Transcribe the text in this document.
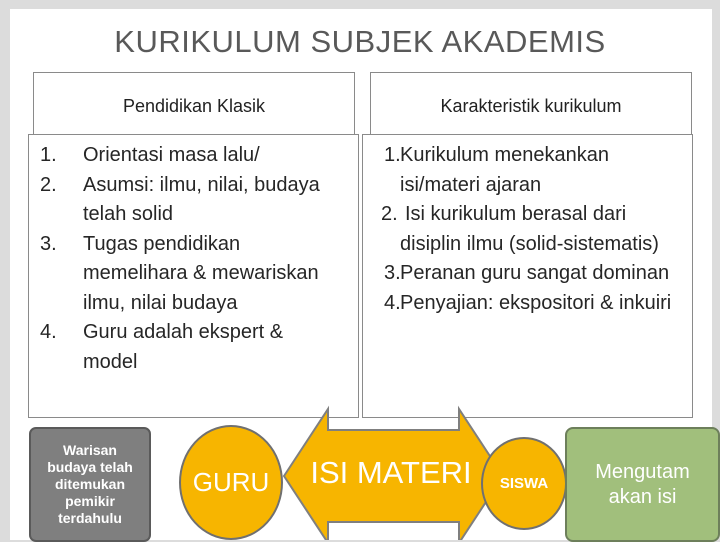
KURIKULUM SUBJEK AKADEMIS
Pendidikan Klasik	Karakteristik kurikulum
1. Orientasi masa lalu/
2. Asumsi: ilmu, nilai, budaya telah solid
3. Tugas pendidikan memelihara & mewariskan ilmu, nilai budaya
4. Guru adalah ekspert & model
1. Kurikulum menekankan isi/materi ajaran
2. Isi kurikulum berasal dari disiplin ilmu (solid-sistematis)
3. Peranan guru sangat dominan
4. Penyajian: ekspositori & inkuiri
Warisan budaya telah ditemukan pemikir terdahulu
GURU	ISI MATERI	SISWA
Mengutam akan isi
